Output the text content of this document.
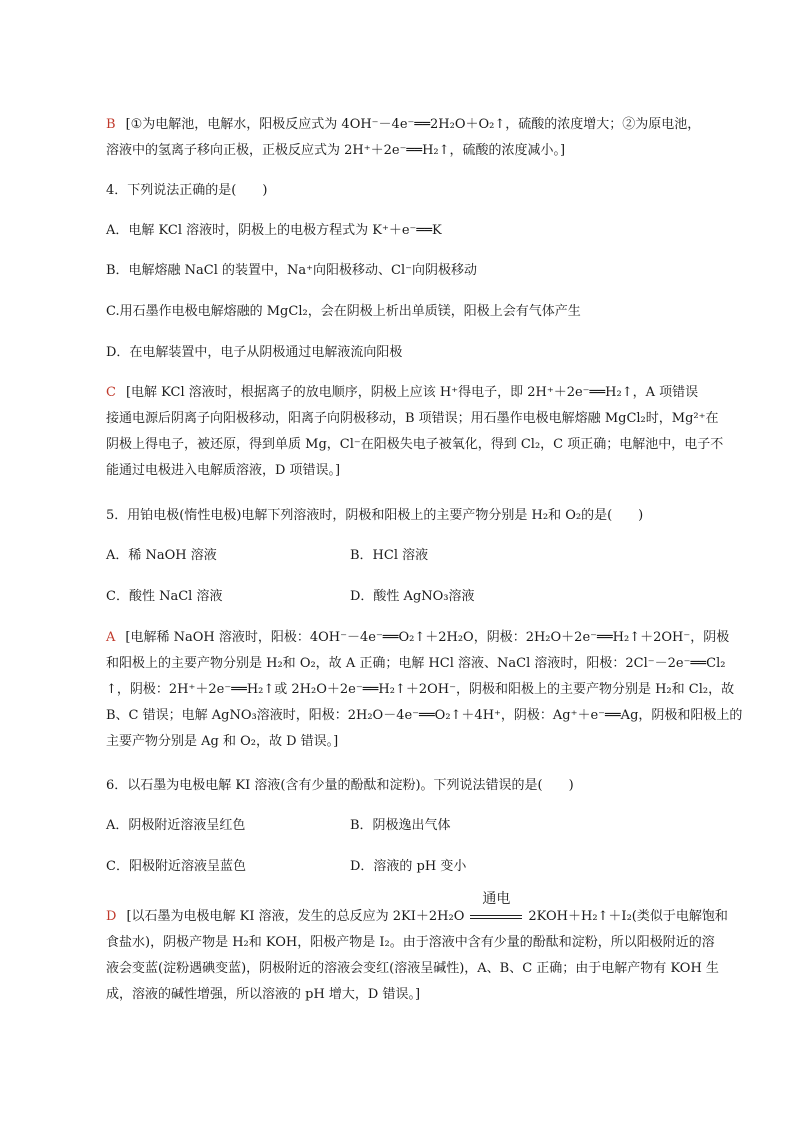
B [①为电解池，电解水，阳极反应式为 4OH⁻－4e⁻══2H₂O＋O₂↑，硫酸的浓度增大；②为原电池，
溶液中的氢离子移向正极，正极反应式为 2H⁺＋2e⁻══H₂↑，硫酸的浓度减小。]
4．下列说法正确的是(　　)
A．电解 KCl 溶液时，阴极上的电极方程式为 K⁺＋e⁻══K
B．电解熔融 NaCl 的装置中，Na⁺向阳极移动、Cl⁻向阴极移动
C.用石墨作电极电解熔融的 MgCl₂，会在阴极上析出单质镁，阳极上会有气体产生
D．在电解装置中，电子从阴极通过电解液流向阳极
C [电解 KCl 溶液时，根据离子的放电顺序，阴极上应该 H⁺得电子，即 2H⁺＋2e⁻══H₂↑，A 项错误
接通电源后阴离子向阳极移动，阳离子向阴极移动，B 项错误；用石墨作电极电解熔融 MgCl₂时，Mg²⁺在
阴极上得电子，被还原，得到单质 Mg，Cl⁻在阳极失电子被氧化，得到 Cl₂，C 项正确；电解池中，电子不
能通过电极进入电解质溶液，D 项错误。]
5．用铂电极(惰性电极)电解下列溶液时，阴极和阳极上的主要产物分别是 H₂和 O₂的是(　　)
A．稀 NaOH 溶液	B．HCl 溶液
C．酸性 NaCl 溶液	D．酸性 AgNO₃溶液
A [电解稀 NaOH 溶液时，阳极：4OH⁻－4e⁻══O₂↑＋2H₂O，阴极：2H₂O＋2e⁻══H₂↑＋2OH⁻，阴极
和阳极上的主要产物分别是 H₂和 O₂，故 A 正确；电解 HCl 溶液、NaCl 溶液时，阳极：2Cl⁻－2e⁻══Cl₂
↑，阴极：2H⁺＋2e⁻══H₂↑或 2H₂O＋2e⁻══H₂↑＋2OH⁻，阴极和阳极上的主要产物分别是 H₂和 Cl₂，故
B、C 错误；电解 AgNO₃溶液时，阳极：2H₂O－4e⁻══O₂↑＋4H⁺，阴极：Ag⁺＋e⁻══Ag，阴极和阳极上的
主要产物分别是 Ag 和 O₂，故 D 错误。]
6．以石墨为电极电解 KI 溶液(含有少量的酚酞和淀粉)。下列说法错误的是(　　)
A．阴极附近溶液呈红色	B．阴极逸出气体
C．阳极附近溶液呈蓝色	D．溶液的 pH 变小
D [以石墨为电极电解 KI 溶液，发生的总反应为 2KI＋2H₂O
通电
2KOH＋H₂↑＋I₂(类似于电解饱和
食盐水)，阴极产物是 H₂和 KOH，阳极产物是 I₂。由于溶液中含有少量的酚酞和淀粉，所以阳极附近的溶
液会变蓝(淀粉遇碘变蓝)，阴极附近的溶液会变红(溶液呈碱性)，A、B、C 正确；由于电解产物有 KOH 生
成，溶液的碱性增强，所以溶液的 pH 增大，D 错误。]
